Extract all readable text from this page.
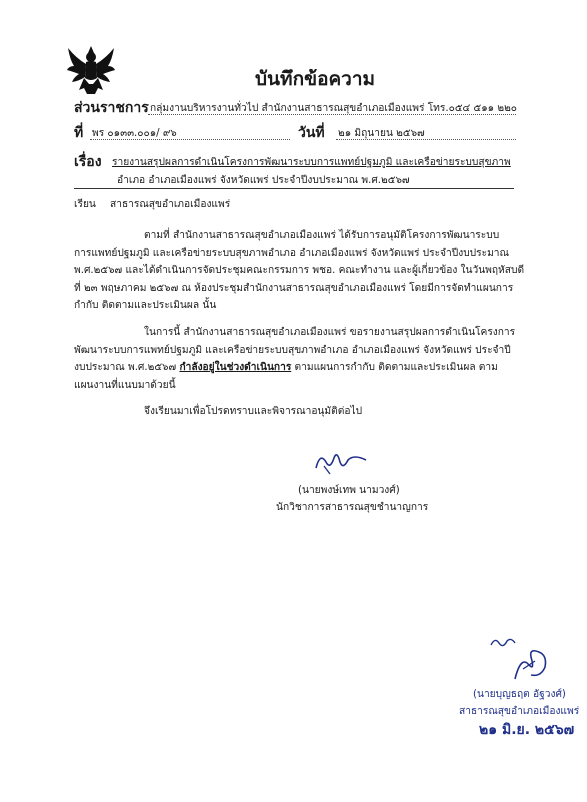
บันทึกข้อความ
ส่วนราชการ กลุ่มงานบริหารงานทั่วไป สำนักงานสาธารณสุขอำเภอเมืองแพร่ โทร.๐๕๔ ๕๑๑ ๒๒๐
ที่ พร ๐๑๓๓.๐๐๑/ ๙๖	วันที่ ๒๑ มิถุนายน ๒๕๖๗
เรื่อง รายงานสรุปผลการดำเนินโครงการพัฒนาระบบการแพทย์ปฐมภูมิ และเครือข่ายระบบสุขภาพ
อำเภอ อำเภอเมืองแพร่ จังหวัดแพร่ ประจำปีงบประมาณ พ.ศ.๒๕๖๗
เรียน สาธารณสุขอำเภอเมืองแพร่
ตามที่ สำนักงานสาธารณสุขอำเภอเมืองแพร่ ได้รับการอนุมัติโครงการพัฒนาระบบ
การแพทย์ปฐมภูมิ และเครือข่ายระบบสุขภาพอำเภอ อำเภอเมืองแพร่ จังหวัดแพร่ ประจำปีงบประมาณ
พ.ศ.๒๕๖๗ และได้ดำเนินการจัดประชุมคณะกรรมการ พชอ. คณะทำงาน และผู้เกี่ยวข้อง ในวันพฤหัสบดี
ที่ ๒๓ พฤษภาคม ๒๕๖๗ ณ ห้องประชุมสำนักงานสาธารณสุขอำเภอเมืองแพร่ โดยมีการจัดทำแผนการ
กำกับ ติดตามและประเมินผล นั้น
ในการนี้ สำนักงานสาธารณสุขอำเภอเมืองแพร่ ขอรายงานสรุปผลการดำเนินโครงการ
พัฒนาระบบการแพทย์ปฐมภูมิ และเครือข่ายระบบสุขภาพอำเภอ อำเภอเมืองแพร่ จังหวัดแพร่ ประจำปี
งบประมาณ พ.ศ.๒๕๖๗ กำลังอยู่ในช่วงดำเนินการ ตามแผนการกำกับ ติดตามและประเมินผล ตาม
แผนงานที่แนบมาด้วยนี้
จึงเรียนมาเพื่อโปรดทราบและพิจารณาอนุมัติต่อไป
(นายพงษ์เทพ นามวงศ์)
นักวิชาการสาธารณสุขชำนาญการ
(นายบุญธฤต อัฐวงศ์)
สาธารณสุขอำเภอเมืองแพร่
๒๑ มิ.ย. ๒๕๖๗
